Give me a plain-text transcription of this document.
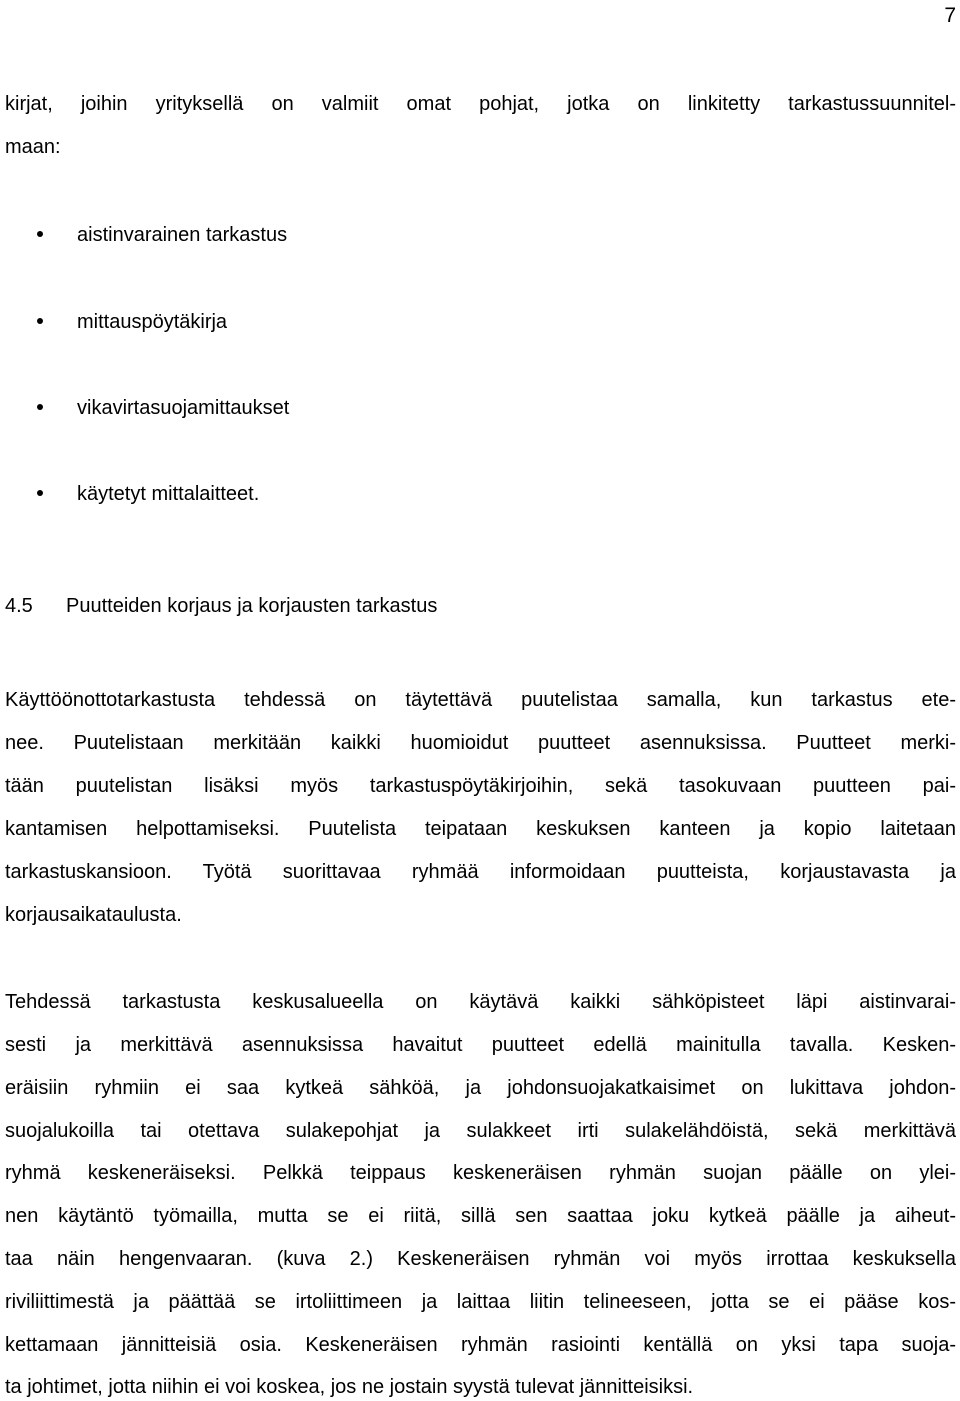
7
kirjat, joihin yrityksellä on valmiit omat pohjat, jotka on linkitetty tarkastussuunnitel-
maan:
aistinvarainen tarkastus
mittauspöytäkirja
vikavirtasuojamittaukset
käytetyt mittalaitteet.
4.5 Puutteiden korjaus ja korjausten tarkastus
Käyttöönottotarkastusta tehdessä on täytettävä puutelistaa samalla, kun tarkastus ete-
nee. Puutelistaan merkitään kaikki huomioidut puutteet asennuksissa. Puutteet merki-
tään puutelistan lisäksi myös tarkastuspöytäkirjoihin, sekä tasokuvaan puutteen pai-
kantamisen helpottamiseksi. Puutelista teipataan keskuksen kanteen ja kopio laitetaan
tarkastuskansioon. Työtä suorittavaa ryhmää informoidaan puutteista, korjaustavasta ja
korjausaikataulusta.
Tehdessä tarkastusta keskusalueella on käytävä kaikki sähköpisteet läpi aistinvarai-
sesti ja merkittävä asennuksissa havaitut puutteet edellä mainitulla tavalla. Kesken-
eräisiin ryhmiin ei saa kytkeä sähköä, ja johdonsuojakatkaisimet on lukittava johdon-
suojalukoilla tai otettava sulakepohjat ja sulakkeet irti sulakelähdöistä, sekä merkittävä
ryhmä keskeneräiseksi. Pelkkä teippaus keskeneräisen ryhmän suojan päälle on ylei-
nen käytäntö työmailla, mutta se ei riitä, sillä sen saattaa joku kytkeä päälle ja aiheut-
taa näin hengenvaaran. (kuva 2.) Keskeneräisen ryhmän voi myös irrottaa keskuksella
riviliittimestä ja päättää se irtoliittimeen ja laittaa liitin telineeseen, jotta se ei pääse kos-
kettamaan jännitteisiä osia. Keskeneräisen ryhmän rasiointi kentällä on yksi tapa suoja-
ta johtimet, jotta niihin ei voi koskea, jos ne jostain syystä tulevat jännitteisiksi.
